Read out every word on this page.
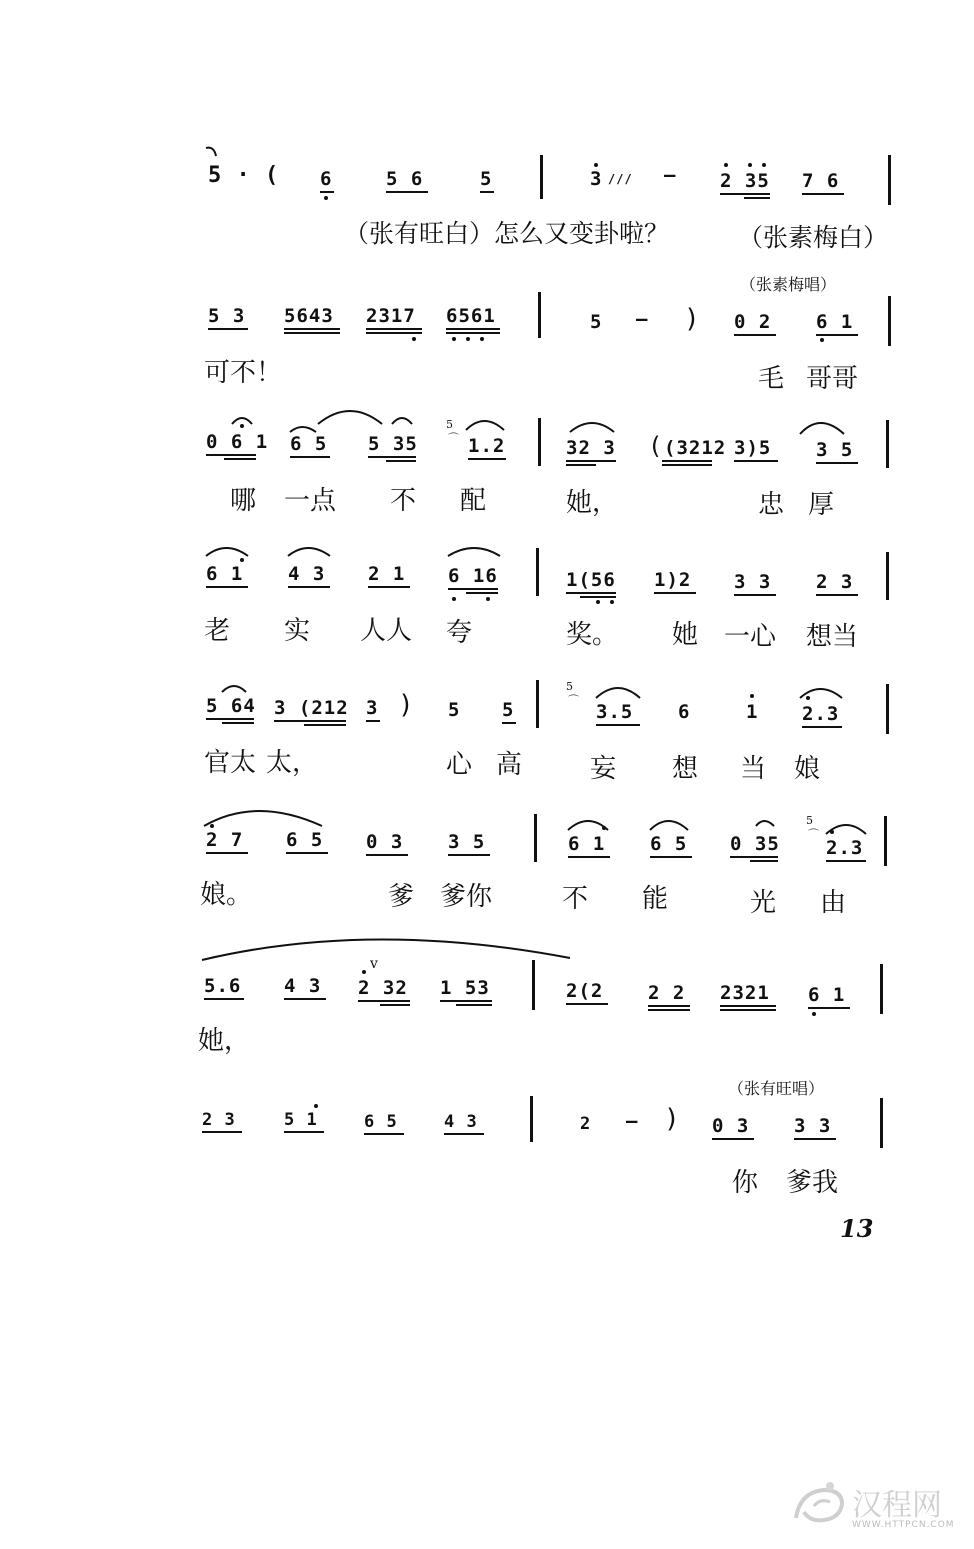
5 · ( 6	5 6	5	3 /// — 2 35 7 6
（张有旺白）怎么又变卦啦？	（张素梅白）
（张素梅唱）
5 3 5643 2317 6561	5 — ) 0 2 6 1
可不！	毛 哥哥
0 6 1 6 5 5 35
5
⌒ 1.2	32 3 ( (3212 3)5 3 5
哪 一点 不 配	她，	忠 厚
6 1 4 3 2 1 6 16	1(56 1)2 3 3 2 3
老 实 人人 夸	奖。 她 一心 想当
5 64 3 (212 3 ) 5 5
5
⌒
3.5 6	1 2.3
官太 太，	心 高	妄 想 当 娘
2 7 6 5 0 3 3 5	6 1 6 5 0 35
5
⌒
2.3
娘。	爹 爹你	不 能	光 由
5.6 4 3
v
2 32 1 53	2(2 2 2 2321 6 1
她，
（张有旺唱）
2 3	5 1	6 5	4 3	2 — ) 0 3 3 3
你 爹我
13
汉程网
WWW.HTTPCN.COM
